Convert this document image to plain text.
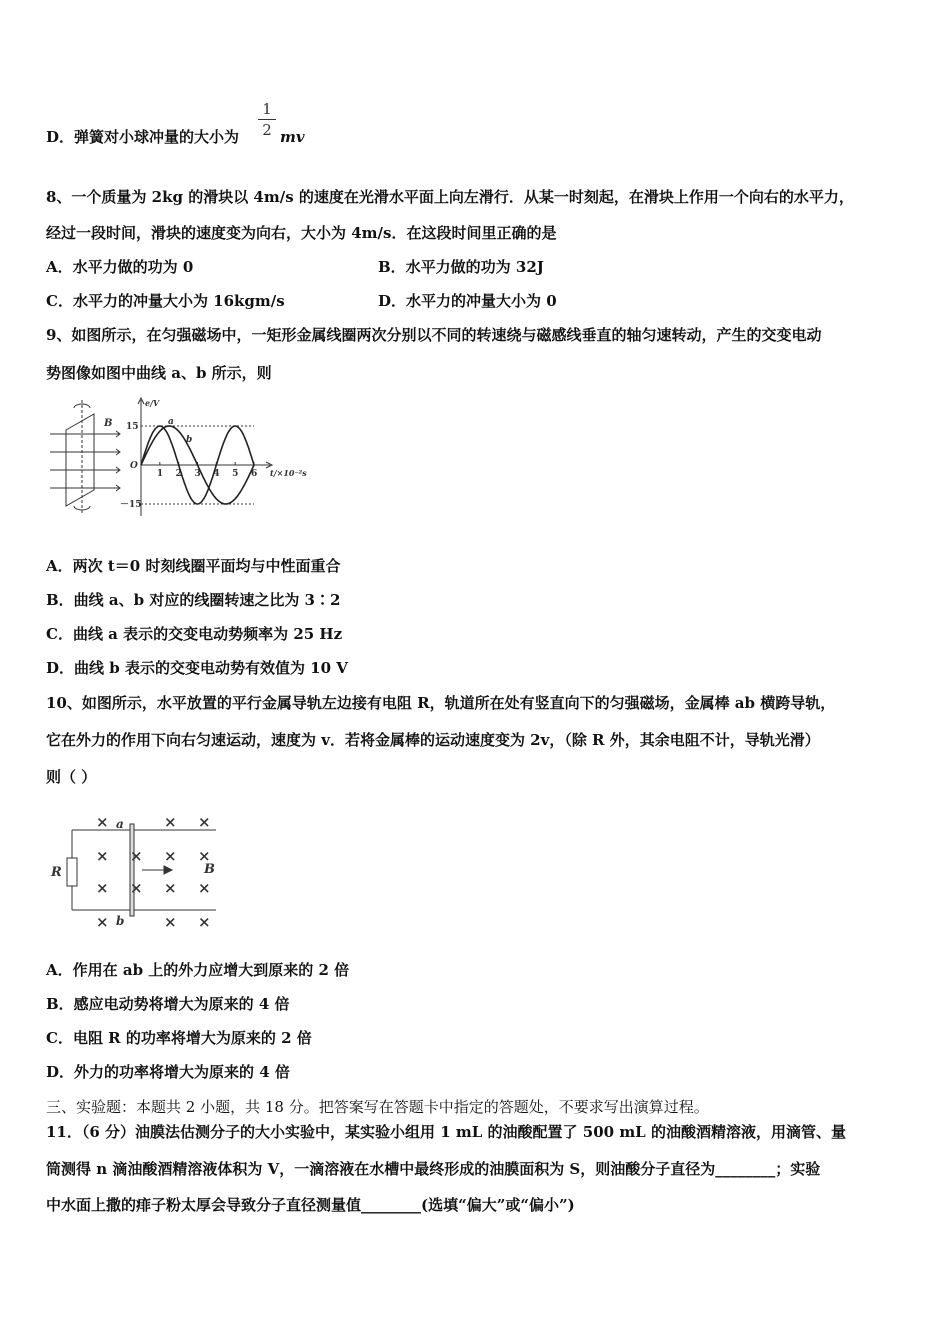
D．弹簧对小球冲量的大小为
1
2 mv
8、一个质量为 2kg 的滑块以 4m/s 的速度在光滑水平面上向左滑行．从某一时刻起，在滑块上作用一个向右的水平力，
经过一段时间，滑块的速度变为向右，大小为 4m/s．在这段时间里正确的是
A．水平力做的功为 0	B．水平力做的功为 32J
C．水平力的冲量大小为 16kgm/s	D．水平力的冲量大小为 0
9、如图所示，在匀强磁场中，一矩形金属线圈两次分别以不同的转速绕与磁感线垂直的轴匀速转动，产生的交变电动
势图像如图中曲线 a、b 所示，则
B
e/V
t/×10⁻²s
15
－15
O
1 2 3 4 5 6
a
b
A．两次 t＝0 时刻线圈平面均与中性面重合
B．曲线 a、b 对应的线圈转速之比为 3∶2
C．曲线 a 表示的交变电动势频率为 25 Hz
D．曲线 b 表示的交变电动势有效值为 10 V
10、如图所示，水平放置的平行金属导轨左边接有电阻 R，轨道所在处有竖直向下的匀强磁场，金属棒 ab 横跨导轨，
它在外力的作用下向右匀速运动，速度为 v．若将金属棒的运动速度变为 2v，（除 R 外，其余电阻不计，导轨光滑）
则（ ）
R
a
b
B
×	× ×
× × × ×
× × × ×
×	× ×
A．作用在 ab 上的外力应增大到原来的 2 倍
B．感应电动势将增大为原来的 4 倍
C．电阻 R 的功率将增大为原来的 2 倍
D．外力的功率将增大为原来的 4 倍
三、实验题：本题共 2 小题，共 18 分。把答案写在答题卡中指定的答题处，不要求写出演算过程。
11．（6 分）油膜法估测分子的大小实验中，某实验小组用 1 mL 的油酸配置了 500 mL 的油酸酒精溶液，用滴管、量
筒测得 n 滴油酸酒精溶液体积为 V，一滴溶液在水槽中最终形成的油膜面积为 S，则油酸分子直径为________；实验
中水面上撒的痱子粉太厚会导致分子直径测量值________(选填“偏大”或“偏小”)
